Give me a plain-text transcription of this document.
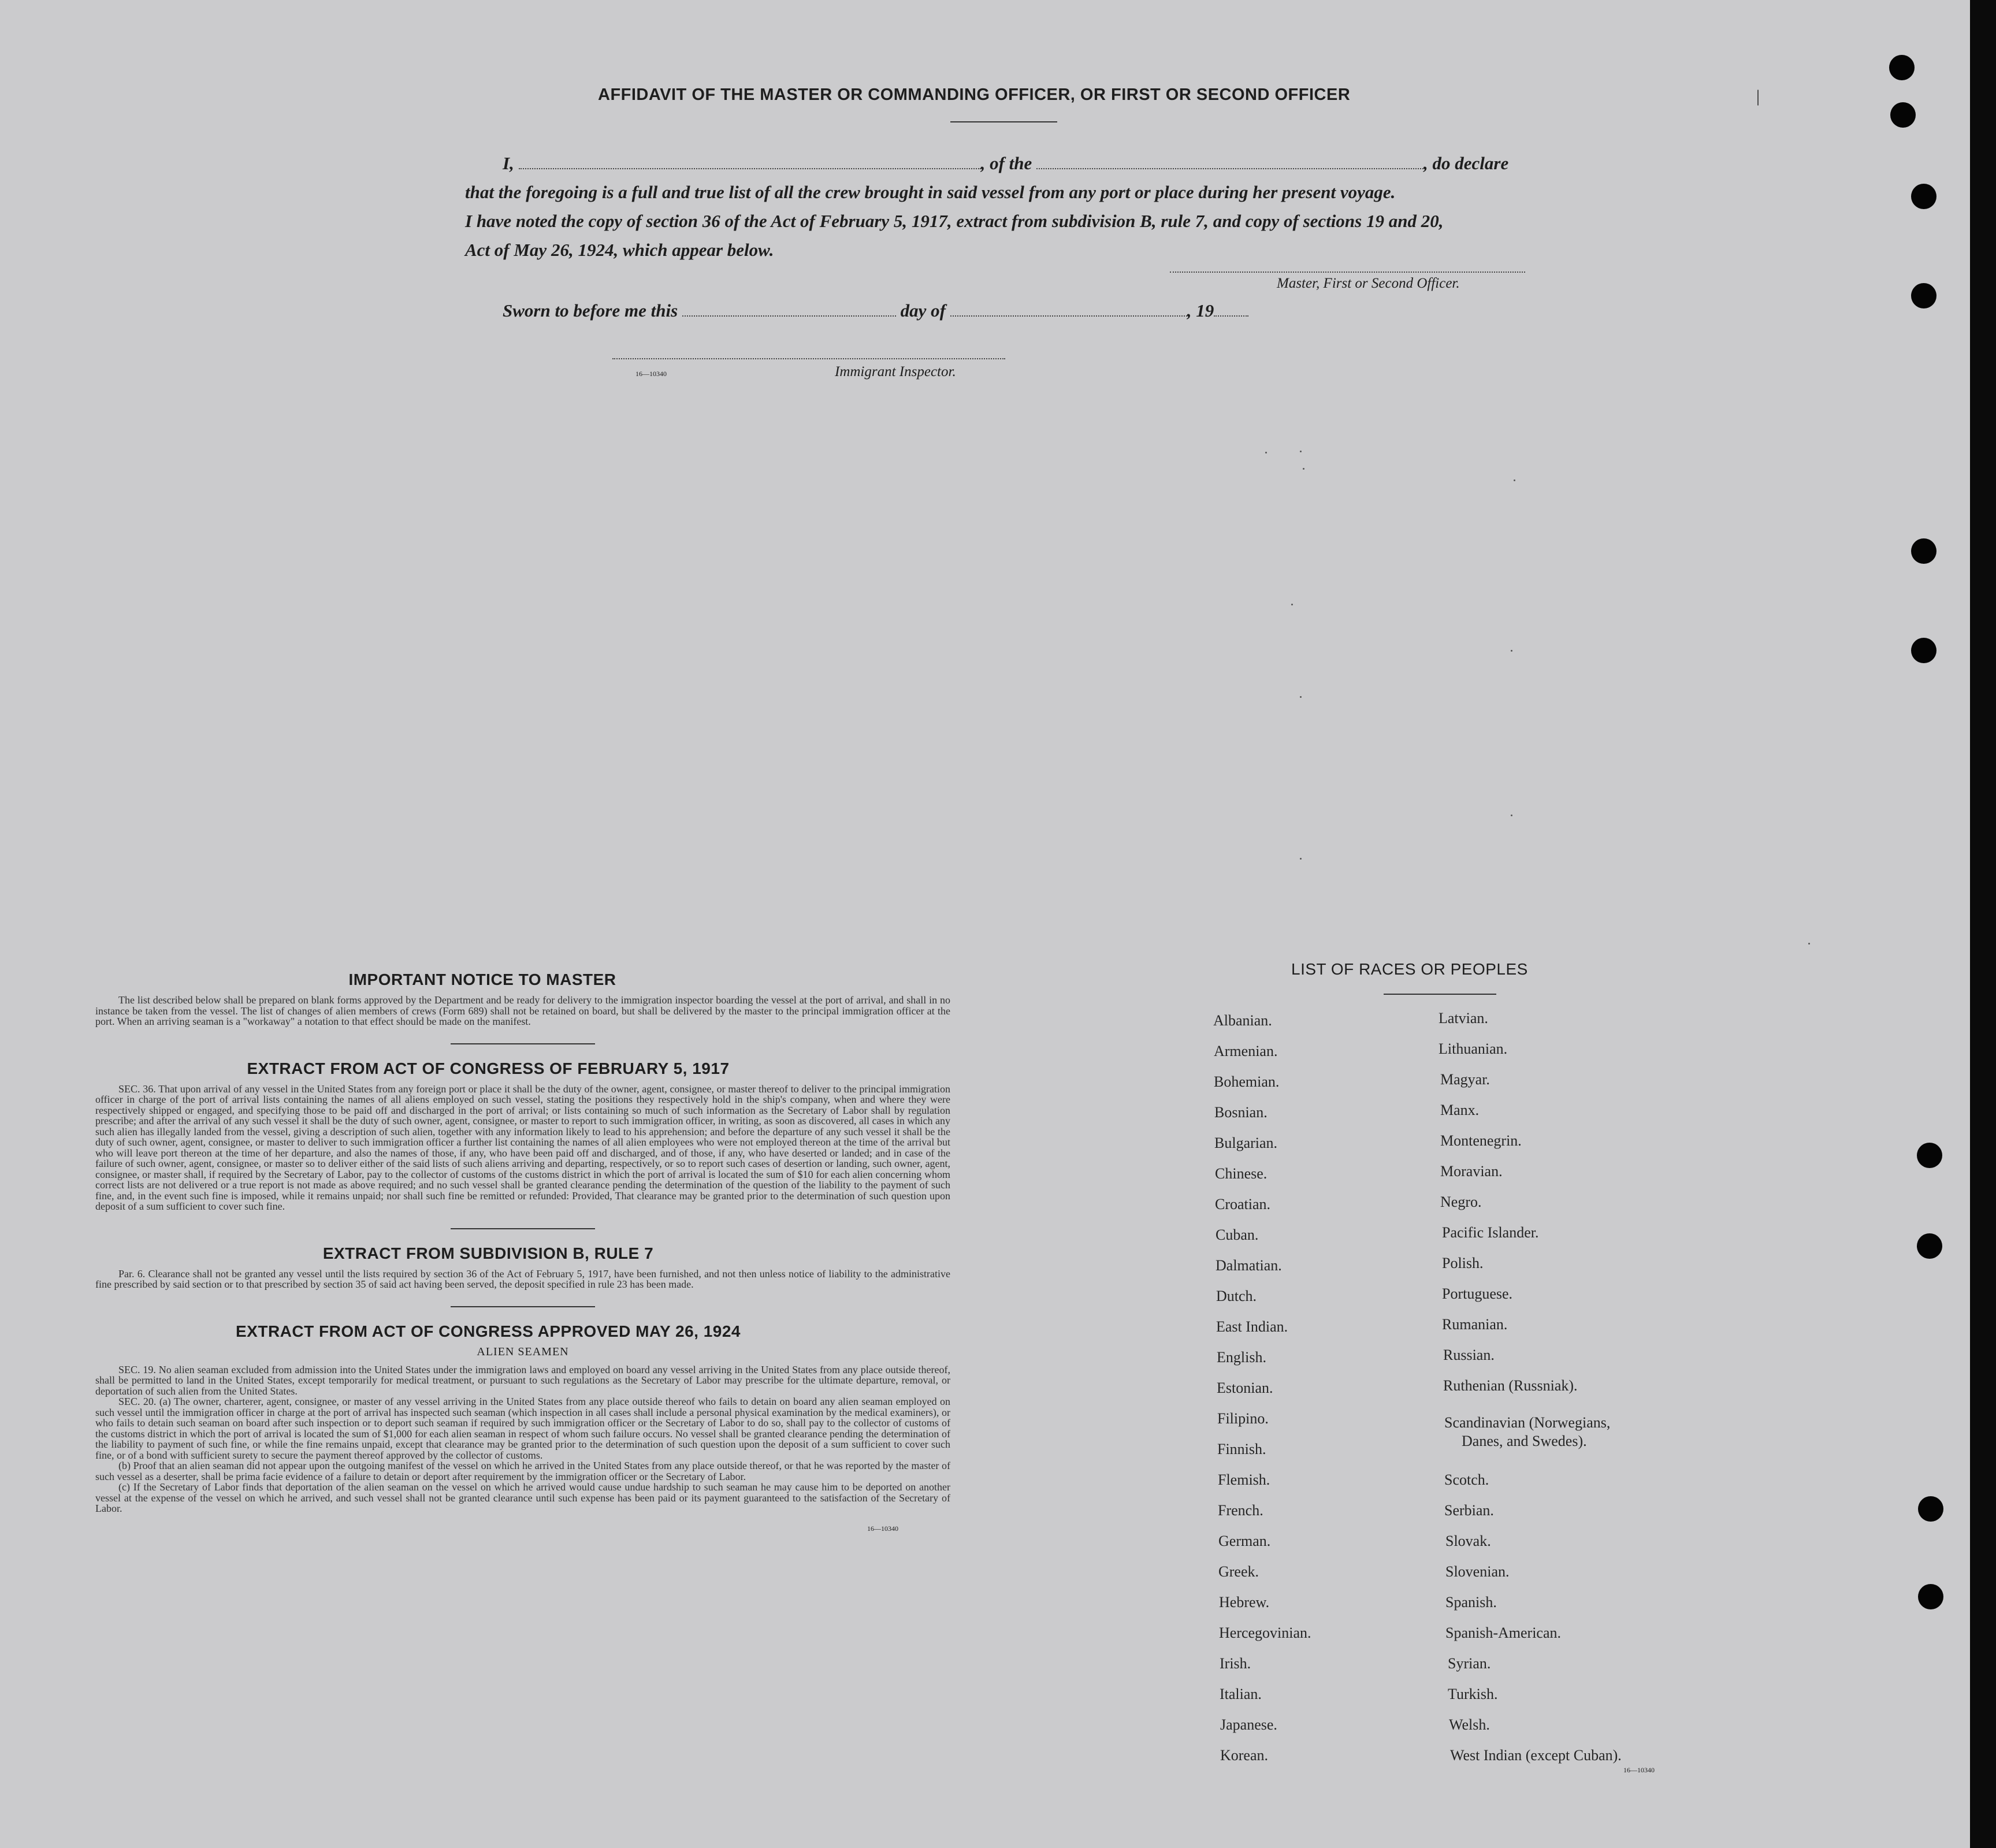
AFFIDAVIT OF THE MASTER OR COMMANDING OFFICER, OR FIRST OR SECOND OFFICER	|

I,	, of the	, do declare

that the foregoing is a full and true list of all the crew brought in said vessel from any port or place during her present voyage.

I have noted the copy of section 36 of the Act of February 5, 1917, extract from subdivision B, rule 7, and copy of sections 19 and 20,

Act of May 26, 1924, which appear below.

Master, First or Second Officer.
Sworn to before me this	day of	, 19
16—10340	Immigrant Inspector.
IMPORTANT NOTICE TO MASTER

The list described below shall be prepared on blank forms approved by the Department and be ready for delivery to the immigration inspector boarding the vessel at the port of arrival, and shall in no instance be taken from the vessel. The list of changes of alien members of crews (Form 689) shall not be retained on board, but shall be delivered by the master to the principal immigration officer at the port. When an arriving seaman is a "workaway" a notation to that effect should be made on the manifest.

EXTRACT FROM ACT OF CONGRESS OF FEBRUARY 5, 1917

SEC. 36. That upon arrival of any vessel in the United States from any foreign port or place it shall be the duty of the owner, agent, consignee, or master thereof to deliver to the principal immigration officer in charge of the port of arrival lists containing the names of all aliens employed on such vessel, stating the positions they respectively hold in the ship's company, when and where they were respectively shipped or engaged, and specifying those to be paid off and discharged in the port of arrival; or lists containing so much of such information as the Secretary of Labor shall by regulation prescribe; and after the arrival of any such vessel it shall be the duty of such owner, agent, consignee, or master to report to such immigration officer, in writing, as soon as discovered, all cases in which any such alien has illegally landed from the vessel, giving a description of such alien, together with any information likely to lead to his apprehension; and before the departure of any such vessel it shall be the duty of such owner, agent, consignee, or master to deliver to such immigration officer a further list containing the names of all alien employees who were not employed thereon at the time of the arrival but who will leave port thereon at the time of her departure, and also the names of those, if any, who have been paid off and discharged, and of those, if any, who have deserted or landed; and in case of the failure of such owner, agent, consignee, or master so to deliver either of the said lists of such aliens arriving and departing, respectively, or so to report such cases of desertion or landing, such owner, agent, consignee, or master shall, if required by the Secretary of Labor, pay to the collector of customs of the customs district in which the port of arrival is located the sum of $10 for each alien concerning whom correct lists are not delivered or a true report is not made as above required; and no such vessel shall be granted clearance pending the determination of the question of the liability to the payment of such fine, and, in the event such fine is imposed, while it remains unpaid; nor shall such fine be remitted or refunded: Provided, That clearance may be granted prior to the determination of such question upon deposit of a sum sufficient to cover such fine.

EXTRACT FROM SUBDIVISION B, RULE 7

Par. 6. Clearance shall not be granted any vessel until the lists required by section 36 of the Act of February 5, 1917, have been furnished, and not then unless notice of liability to the administrative fine prescribed by said section or to that prescribed by section 35 of said act having been served, the deposit specified in rule 23 has been made.

EXTRACT FROM ACT OF CONGRESS APPROVED MAY 26, 1924

ALIEN SEAMEN

SEC. 19. No alien seaman excluded from admission into the United States under the immigration laws and employed on board any vessel arriving in the United States from any place outside thereof, shall be permitted to land in the United States, except temporarily for medical treatment, or pursuant to such regulations as the Secretary of Labor may prescribe for the ultimate departure, removal, or deportation of such alien from the United States.

SEC. 20. (a) The owner, charterer, agent, consignee, or master of any vessel arriving in the United States from any place outside thereof who fails to detain on board any alien seaman employed on such vessel until the immigration officer in charge at the port of arrival has inspected such seaman (which inspection in all cases shall include a personal physical examination by the medical examiners), or who fails to detain such seaman on board after such inspection or to deport such seaman if required by such immigration officer or the Secretary of Labor to do so, shall pay to the collector of customs of the customs district in which the port of arrival is located the sum of $1,000 for each alien seaman in respect of whom such failure occurs. No vessel shall be granted clearance pending the determination of the liability to payment of such fine, or while the fine remains unpaid, except that clearance may be granted prior to the determination of such question upon the deposit of a sum sufficient to cover such fine, or of a bond with sufficient surety to secure the payment thereof approved by the collector of customs.

(b) Proof that an alien seaman did not appear upon the outgoing manifest of the vessel on which he arrived in the United States from any place outside thereof, or that he was reported by the master of such vessel as a deserter, shall be prima facie evidence of a failure to detain or deport after requirement by the immigration officer or the Secretary of Labor.

(c) If the Secretary of Labor finds that deportation of the alien seaman on the vessel on which he arrived would cause undue hardship to such seaman he may cause him to be deported on another vessel at the expense of the vessel on which he arrived, and such vessel shall not be granted clearance until such expense has been paid or its payment guaranteed to the satisfaction of the Secretary of Labor.

16—10340
LIST OF RACES OR PEOPLES
Albanian.
Armenian.
Bohemian.
Bosnian.
Bulgarian.
Chinese.
Croatian.
Cuban.
Dalmatian.
Dutch.
East Indian.
English.
Estonian.
Filipino.
Finnish.
Flemish.
French.
German.
Greek.
Hebrew.
Hercegovinian.
Irish.
Italian.
Japanese.
Korean.
Latvian.
Lithuanian.
Magyar.
Manx.
Montenegrin.
Moravian.
Negro.
Pacific Islander.
Polish.
Portuguese.
Rumanian.
Russian.
Ruthenian (Russniak).
Scandinavian (Norwegians,
Danes, and Swedes).
Scotch.
Serbian.
Slovak.
Slovenian.
Spanish.
Spanish-American.
Syrian.
Turkish.
Welsh.
West Indian (except Cuban).
16—10340
